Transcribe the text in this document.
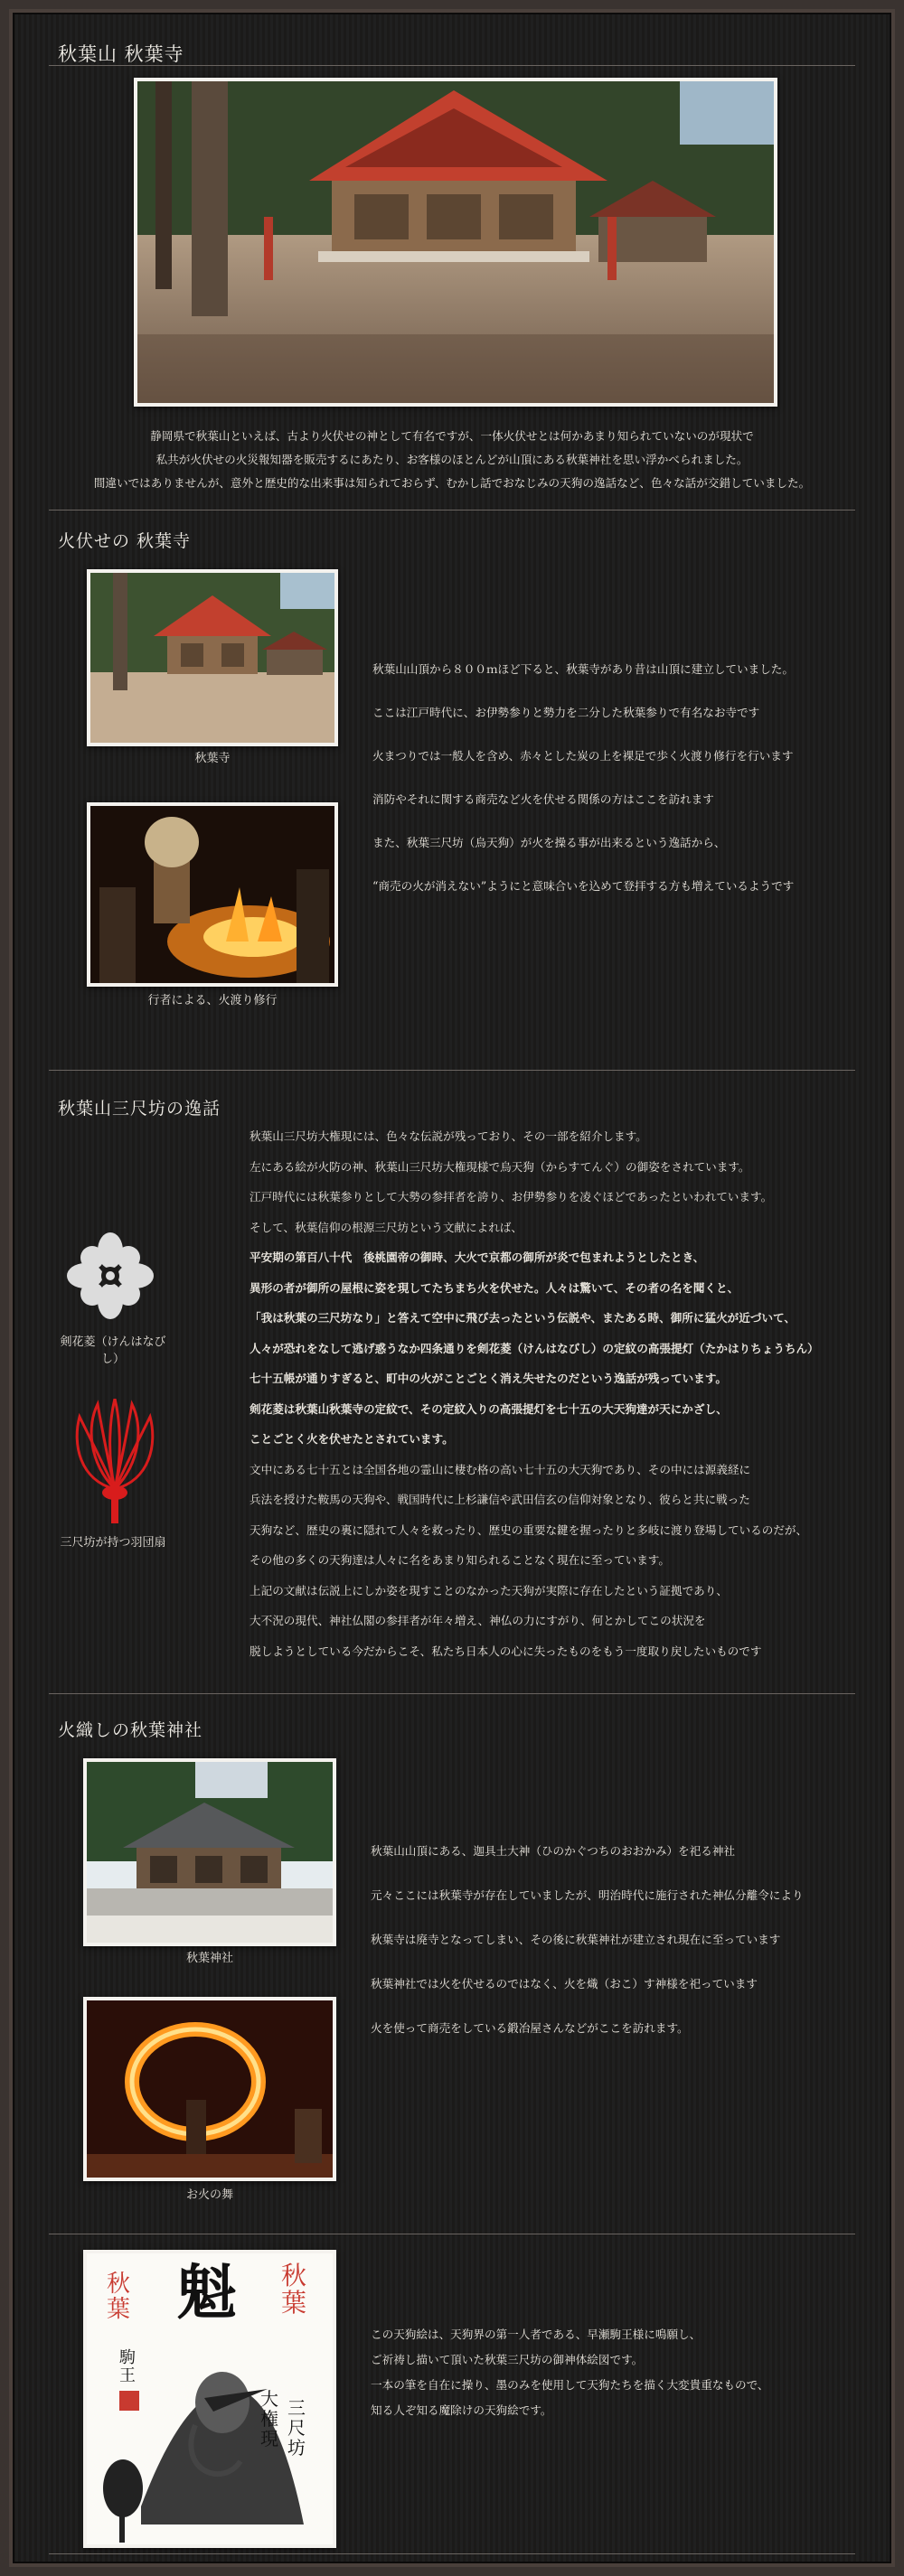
秋葉山 秋葉寺
静岡県で秋葉山といえば、古より火伏せの神として有名ですが、一体火伏せとは何かあまり知られていないのが現状で
私共が火伏せの火災報知器を販売するにあたり、お客様のほとんどが山頂にある秋葉神社を思い浮かべられました。
間違いではありませんが、意外と歴史的な出来事は知られておらず、むかし話でおなじみの天狗の逸話など、色々な話が交錯していました。
火伏せの 秋葉寺
秋葉寺
行者による、火渡り修行
秋葉山山頂から８００ｍほど下ると、秋葉寺があり昔は山頂に建立していました。
ここは江戸時代に、お伊勢参りと勢力を二分した秋葉参りで有名なお寺です
火まつりでは一般人を含め、赤々とした炭の上を裸足で歩く火渡り修行を行います
消防やそれに関する商売など火を伏せる関係の方はここを訪れます
また、秋葉三尺坊（烏天狗）が火を操る事が出来るという逸話から、
“商売の火が消えない”ようにと意味合いを込めて登拝する方も増えているようです
秋葉山三尺坊の逸話
剣花菱（けんはなびし）
三尺坊が持つ羽団扇
秋葉山三尺坊大権現には、色々な伝説が残っており、その一部を紹介します。
左にある絵が火防の神、秋葉山三尺坊大権現様で烏天狗（からすてんぐ）の御姿をされています。
江戸時代には秋葉参りとして大勢の参拝者を誇り、お伊勢参りを凌ぐほどであったといわれています。
そして、秋葉信仰の根源三尺坊という文献によれば、
平安期の第百八十代　後桃園帝の御時、大火で京都の御所が炎で包まれようとしたとき、
異形の者が御所の屋根に姿を現してたちまち火を伏せた。人々は驚いて、その者の名を聞くと、
「我は秋葉の三尺坊なり」と答えて空中に飛び去ったという伝説や、またある時、御所に猛火が近づいて、
人々が恐れをなして逃げ惑うなか四条通りを剣花菱（けんはなびし）の定紋の高張提灯（たかはりちょうちん）
七十五帳が通りすぎると、町中の火がことごとく消え失せたのだという逸話が残っています。
剣花菱は秋葉山秋葉寺の定紋で、その定紋入りの高張提灯を七十五の大天狗達が天にかざし、
ことごとく火を伏せたとされています。
文中にある七十五とは全国各地の霊山に棲む格の高い七十五の大天狗であり、その中には源義経に
兵法を授けた鞍馬の天狗や、戦国時代に上杉謙信や武田信玄の信仰対象となり、彼らと共に戦った
天狗など、歴史の裏に隠れて人々を救ったり、歴史の重要な鍵を握ったりと多岐に渡り登場しているのだが、
その他の多くの天狗達は人々に名をあまり知られることなく現在に至っています。
上記の文献は伝説上にしか姿を現すことのなかった天狗が実際に存在したという証拠であり、
大不況の現代、神社仏閣の参拝者が年々増え、神仏の力にすがり、何とかしてこの状況を
脱しようとしている今だからこそ、私たち日本人の心に失ったものをもう一度取り戻したいものです
火織しの秋葉神社
秋葉神社
お火の舞
秋葉山山頂にある、迦具土大神（ひのかぐつちのおおかみ）を祀る神社
元々ここには秋葉寺が存在していましたが、明治時代に施行された神仏分離令により
秋葉寺は廃寺となってしまい、その後に秋葉神社が建立され現在に至っています
秋葉神社では火を伏せるのではなく、火を熾（おこ）す神様を祀っています
火を使って商売をしている鍛冶屋さんなどがここを訪れます。
魁
秋葉
秋葉
大権現
三尺坊
駒王
この天狗絵は、天狗界の第一人者である、早瀬駒王様に鳴願し、
ご祈祷し描いて頂いた秋葉三尺坊の御神体絵図です。
一本の筆を自在に操り、墨のみを使用して天狗たちを描く大変貴重なもので、
知る人ぞ知る魔除けの天狗絵です。
